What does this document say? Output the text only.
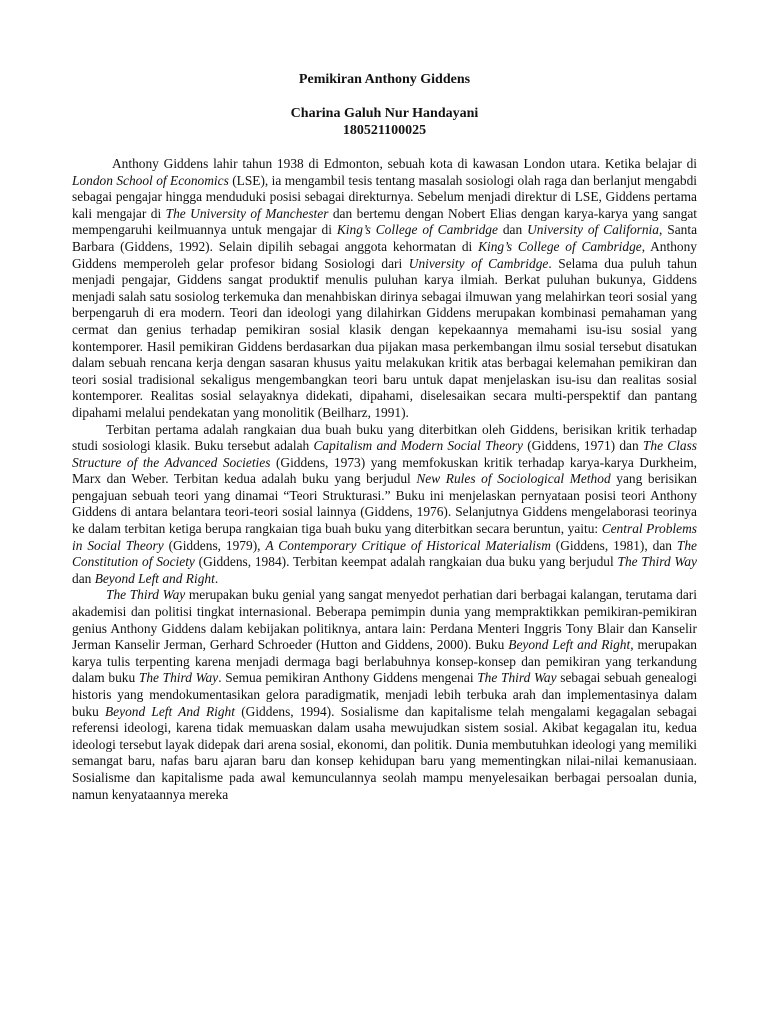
Pemikiran Anthony Giddens

Charina Galuh Nur Handayani

180521100025

Anthony Giddens lahir tahun 1938 di Edmonton, sebuah kota di kawasan London utara. Ketika belajar di London School of Economics (LSE), ia mengambil tesis tentang masalah sosiologi olah raga dan berlanjut mengabdi sebagai pengajar hingga menduduki posisi sebagai direkturnya. Sebelum menjadi direktur di LSE, Giddens pertama kali mengajar di The University of Manchester dan bertemu dengan Nobert Elias dengan karya-karya yang sangat mempengaruhi keilmuannya untuk mengajar di King’s College of Cambridge dan University of California, Santa Barbara (Giddens, 1992). Selain dipilih sebagai anggota kehormatan di King’s College of Cambridge, Anthony Giddens memperoleh gelar profesor bidang Sosiologi dari University of Cambridge. Selama dua puluh tahun menjadi pengajar, Giddens sangat produktif menulis puluhan karya ilmiah. Berkat puluhan bukunya, Giddens menjadi salah satu sosiolog terkemuka dan menahbiskan dirinya sebagai ilmuwan yang melahirkan teori sosial yang berpengaruh di era modern. Teori dan ideologi yang dilahirkan Giddens merupakan kombinasi pemahaman yang cermat dan genius terhadap pemikiran sosial klasik dengan kepekaannya memahami isu-isu sosial yang kontemporer. Hasil pemikiran Giddens berdasarkan dua pijakan masa perkembangan ilmu sosial tersebut disatukan dalam sebuah rencana kerja dengan sasaran khusus yaitu melakukan kritik atas berbagai kelemahan pemikiran dan teori sosial tradisional sekaligus mengembangkan teori baru untuk dapat menjelaskan isu-isu dan realitas sosial kontemporer. Realitas sosial selayaknya didekati, dipahami, diselesaikan secara multi-perspektif dan pantang dipahami melalui pendekatan yang monolitik (Beilharz, 1991).

Terbitan pertama adalah rangkaian dua buah buku yang diterbitkan oleh Giddens, berisikan kritik terhadap studi sosiologi klasik. Buku tersebut adalah Capitalism and Modern Social Theory (Giddens, 1971) dan The Class Structure of the Advanced Societies (Giddens, 1973) yang memfokuskan kritik terhadap karya-karya Durkheim, Marx dan Weber. Terbitan kedua adalah buku yang berjudul New Rules of Sociological Method yang berisikan pengajuan sebuah teori yang dinamai “Teori Strukturasi.” Buku ini menjelaskan pernyataan posisi teori Anthony Giddens di antara belantara teori-teori sosial lainnya (Giddens, 1976). Selanjutnya Giddens mengelaborasi teorinya ke dalam terbitan ketiga berupa rangkaian tiga buah buku yang diterbitkan secara beruntun, yaitu: Central Problems in Social Theory (Giddens, 1979), A Contemporary Critique of Historical Materialism (Giddens, 1981), dan The Constitution of Society (Giddens, 1984). Terbitan keempat adalah rangkaian dua buku yang berjudul The Third Way dan Beyond Left and Right.

The Third Way merupakan buku genial yang sangat menyedot perhatian dari berbagai kalangan, terutama dari akademisi dan politisi tingkat internasional. Beberapa pemimpin dunia yang mempraktikkan pemikiran-pemikiran genius Anthony Giddens dalam kebijakan politiknya, antara lain: Perdana Menteri Inggris Tony Blair dan Kanselir Jerman Kanselir Jerman, Gerhard Schroeder (Hutton and Giddens, 2000). Buku Beyond Left and Right, merupakan karya tulis terpenting karena menjadi dermaga bagi berlabuhnya konsep-konsep dan pemikiran yang terkandung dalam buku The Third Way. Semua pemikiran Anthony Giddens mengenai The Third Way sebagai sebuah genealogi historis yang mendokumentasikan gelora paradigmatik, menjadi lebih terbuka arah dan implementasinya dalam buku Beyond Left And Right (Giddens, 1994). Sosialisme dan kapitalisme telah mengalami kegagalan sebagai referensi ideologi, karena tidak memuaskan dalam usaha mewujudkan sistem sosial. Akibat kegagalan itu, kedua ideologi tersebut layak didepak dari arena sosial, ekonomi, dan politik. Dunia membutuhkan ideologi yang memiliki semangat baru, nafas baru ajaran baru dan konsep kehidupan baru yang mementingkan nilai-nilai kemanusiaan. Sosialisme dan kapitalisme pada awal kemunculannya seolah mampu menyelesaikan berbagai persoalan dunia, namun kenyataannya mereka
